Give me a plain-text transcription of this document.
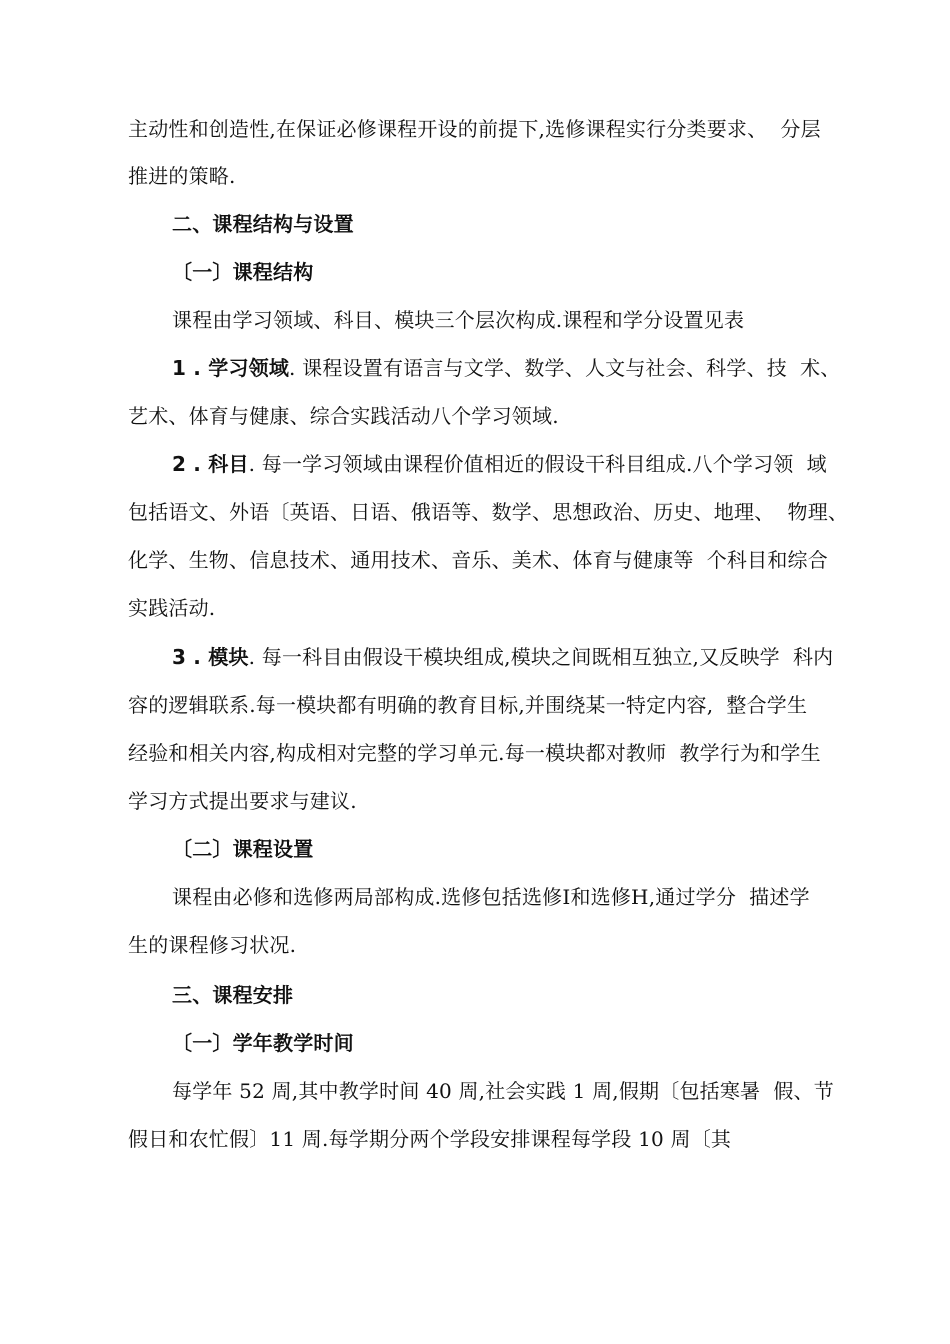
主动性和创造性,在保证必修课程开设的前提下,选修课程实行分类要求、  分层
推进的策略.
二、课程结构与设置
〔一〕课程结构
课程由学习领域、科目、模块三个层次构成.课程和学分设置见表
1 . 学习领域. 课程设置有语言与文学、数学、人文与社会、科学、技  术、
艺术、体育与健康、综合实践活动八个学习领域.
2 . 科目. 每一学习领域由课程价值相近的假设干科目组成.八个学习领  域
包括语文、外语〔英语、日语、俄语等、数学、思想政治、历史、地理、  物理、
化学、生物、信息技术、通用技术、音乐、美术、体育与健康等  个科目和综合
实践活动.
3 . 模块. 每一科目由假设干模块组成,模块之间既相互独立,又反映学  科内
容的逻辑联系.每一模块都有明确的教育目标,并围绕某一特定内容,  整合学生
经验和相关内容,构成相对完整的学习单元.每一模块都对教师  教学行为和学生
学习方式提出要求与建议.
〔二〕课程设置
课程由必修和选修两局部构成.选修包括选修Ⅰ和选修H,通过学分  描述学
生的课程修习状况.
三、课程安排
〔一〕学年教学时间
每学年 52 周,其中教学时间 40 周,社会实践 1 周,假期〔包括寒暑  假、节
假日和农忙假〕11 周.每学期分两个学段安排课程每学段 10 周〔其
